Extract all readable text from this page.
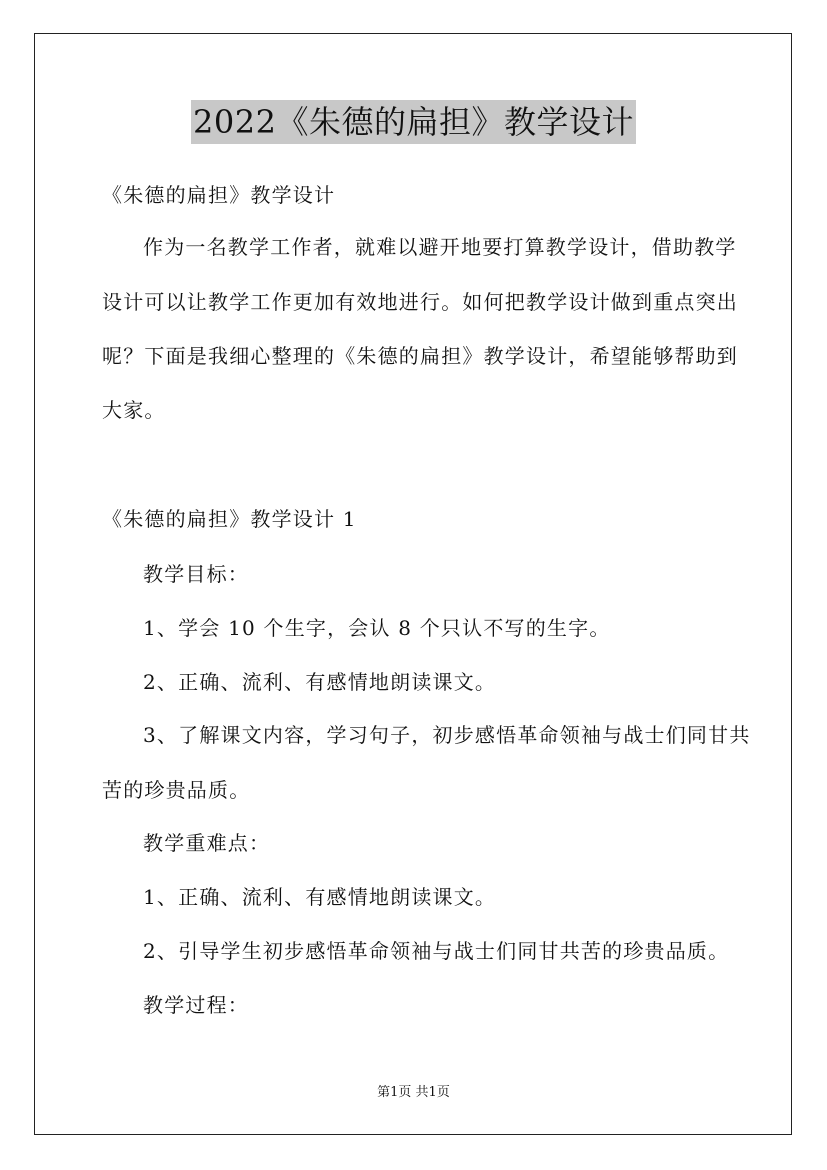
2022《朱德的扁担》教学设计
《朱德的扁担》教学设计
作为一名教学工作者，就难以避开地要打算教学设计，借助教学
设计可以让教学工作更加有效地进行。如何把教学设计做到重点突出
呢？下面是我细心整理的《朱德的扁担》教学设计，希望能够帮助到
大家。
《朱德的扁担》教学设计 1
教学目标：
1、学会 10 个生字，会认 8 个只认不写的生字。
2、正确、流利、有感情地朗读课文。
3、了解课文内容，学习句子，初步感悟革命领袖与战士们同甘共
苦的珍贵品质。
教学重难点：
1、正确、流利、有感情地朗读课文。
2、引导学生初步感悟革命领袖与战士们同甘共苦的珍贵品质。
教学过程：
第1页 共1页
